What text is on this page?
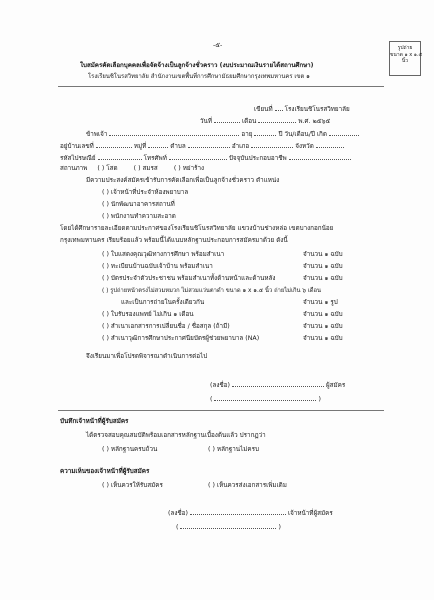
-๕-	รูปถ่าย
ขนาด ๑ x ๑.๕
นิ้ว
ใบสมัครคัดเลือกบุคคลเพื่อจัดจ้างเป็นลูกจ้างชั่วคราว (งบประมาณเงินรายได้สถานศึกษา)
โรงเรียนชิโนรสวิทยาลัย สำนักงานเขตพื้นที่การศึกษามัธยมศึกษากรุงเทพมหานคร เขต ๑
เขียนที่ โรงเรียนชิโนรสวิทยาลัย
วันที่	เดือน	พ.ศ. ๒๕๖๕
ข้าพเจ้า	อายุ	ปี วัน/เดือน/ปี เกิด
อยู่บ้านเลขที่	หมู่ที่	ตำบล	อำเภอ	จังหวัด
รหัสไปรษณีย์	โทรศัพท์	ปัจจุบันประกอบอาชีพ
สถานภาพ ( ) โสด	( ) สมรส	( ) หย่าร้าง
มีความประสงค์สมัครเข้ารับการคัดเลือกเพื่อเป็นลูกจ้างชั่วคราว ตำแหน่ง
( ) เจ้าหน้าที่ประจำห้องพยาบาล
( ) นักพัฒนาอาคารสถานที่
( ) พนักงานทำความสะอาด
โดยได้ศึกษารายละเอียดตามประกาศของโรงเรียนชิโนรสวิทยาลัย แขวงบ้านช่างหล่อ เขตบางกอกน้อย
กรุงเทพมหานคร เรียบร้อยแล้ว พร้อมนี้ได้แนบหลักฐานประกอบการสมัครมาด้วย ดังนี้
( ) ใบแสดงคุณวุฒิทางการศึกษา พร้อมสำเนา	จำนวน ๑ ฉบับ
( ) ทะเบียนบ้านฉบับเจ้าบ้าน พร้อมสำเนา	จำนวน ๑ ฉบับ
( ) บัตรประจำตัวประชาชน พร้อมสำเนาทั้งด้านหน้าและด้านหลัง	จำนวน ๑ ฉบับ
( ) รูปถ่ายหน้าตรงไม่สวมหมวก ไม่สวมแว่นตาดำ ขนาด ๑ x ๑.๕ นิ้ว ถ่ายไม่เกิน ๖ เดือน
และเป็นการถ่ายในครั้งเดียวกัน	จำนวน ๑ รูป
( ) ใบรับรองแพทย์ ไม่เกิน ๑ เดือน	จำนวน ๑ ฉบับ
( ) สำเนาเอกสารการเปลี่ยนชื่อ / ชื่อสกุล (ถ้ามี)	จำนวน ๑ ฉบับ
( ) สำเนาวุฒิการศึกษาประกาศนียบัตรผู้ช่วยพยาบาล (NA)	จำนวน ๑ ฉบับ
จึงเรียนมาเพื่อโปรดพิจารณาดำเนินการต่อไป
(ลงชื่อ)	ผู้สมัคร
(	)
บันทึกเจ้าหน้าที่ผู้รับสมัคร
ได้ตรวจสอบคุณสมบัติพร้อมเอกสารหลักฐานเบื้องต้นแล้ว ปรากฏว่า
( ) หลักฐานครบถ้วน	( ) หลักฐานไม่ครบ
ความเห็นของเจ้าหน้าที่ผู้รับสมัคร
( ) เห็นควรให้รับสมัคร	( ) เห็นควรส่งเอกสารเพิ่มเติม
(ลงชื่อ)	เจ้าหน้าที่ผู้สมัคร
(	)
